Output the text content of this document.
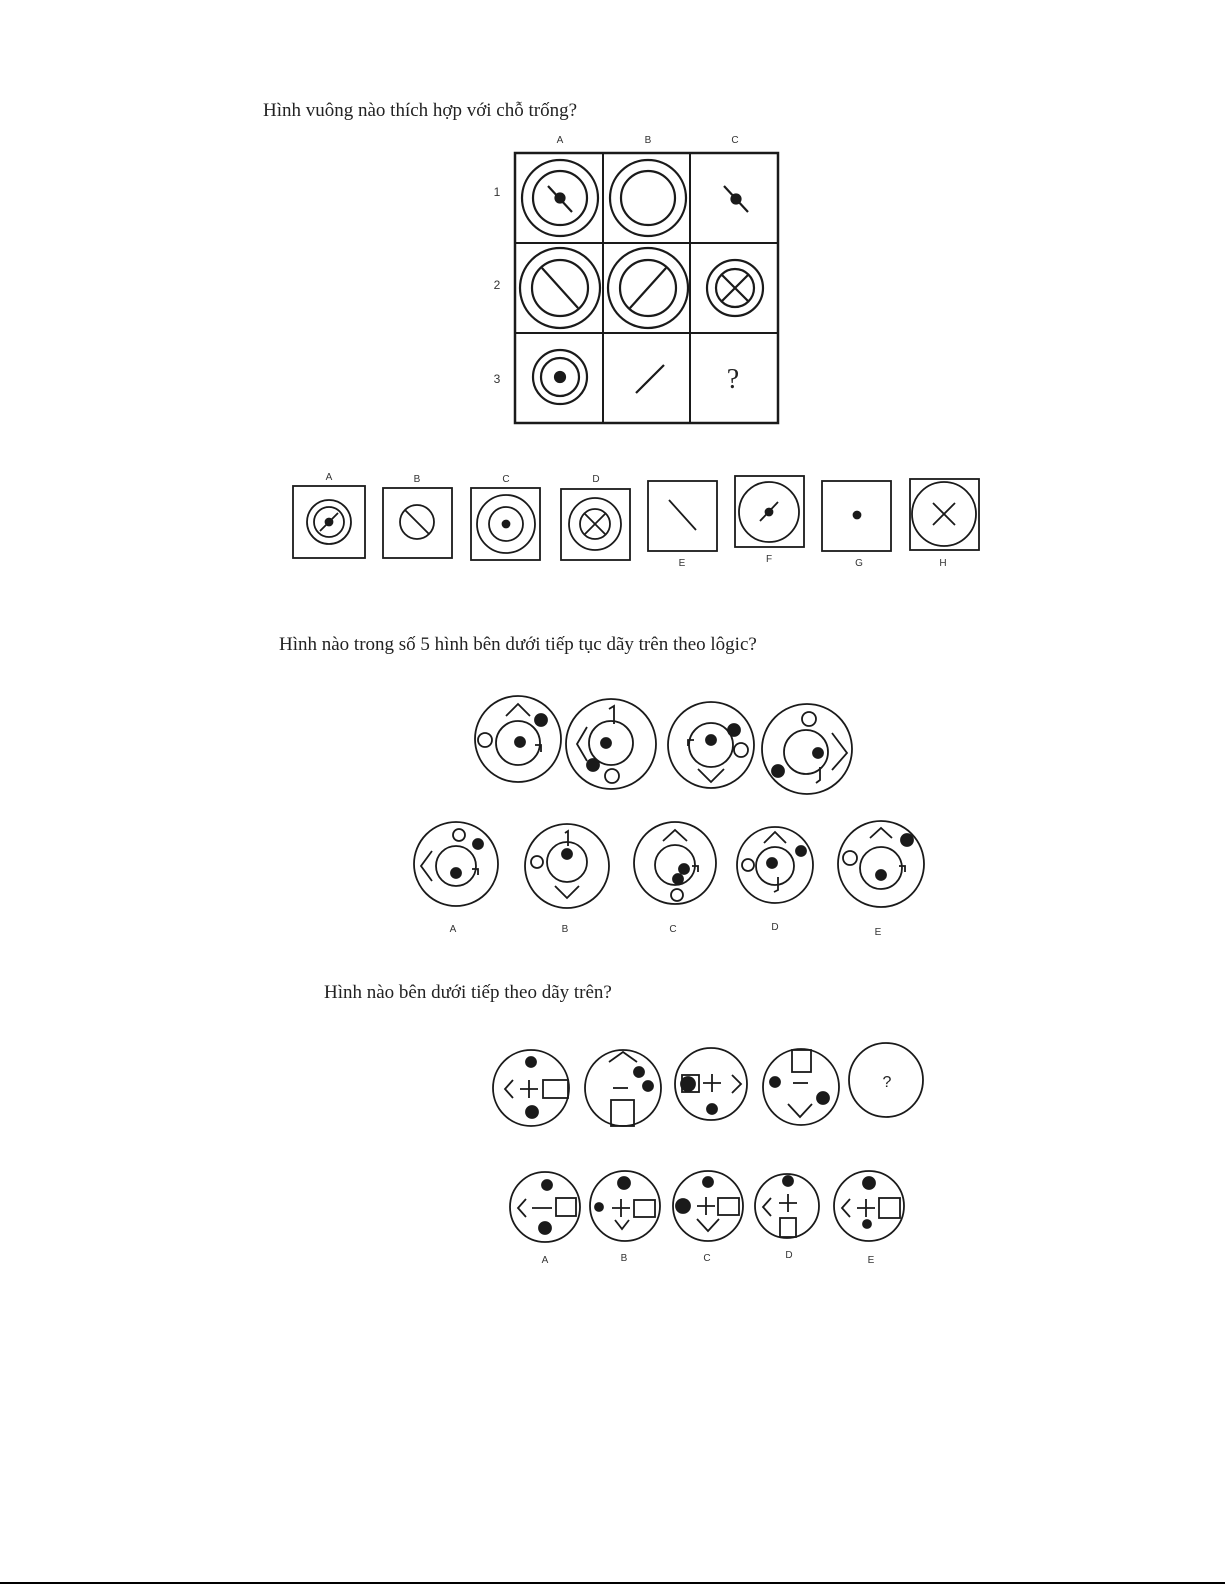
Hình vuông nào thích hợp với chỗ trống?

A	B	C
1
2
3	?
A	B	C	D
E	F	G	H

Hình nào trong số 5 hình bên dưới tiếp tục dãy trên theo lôgic?

A	B	C	D	E

Hình nào bên dưới tiếp theo dãy trên?

?
A	B	C	D	E
